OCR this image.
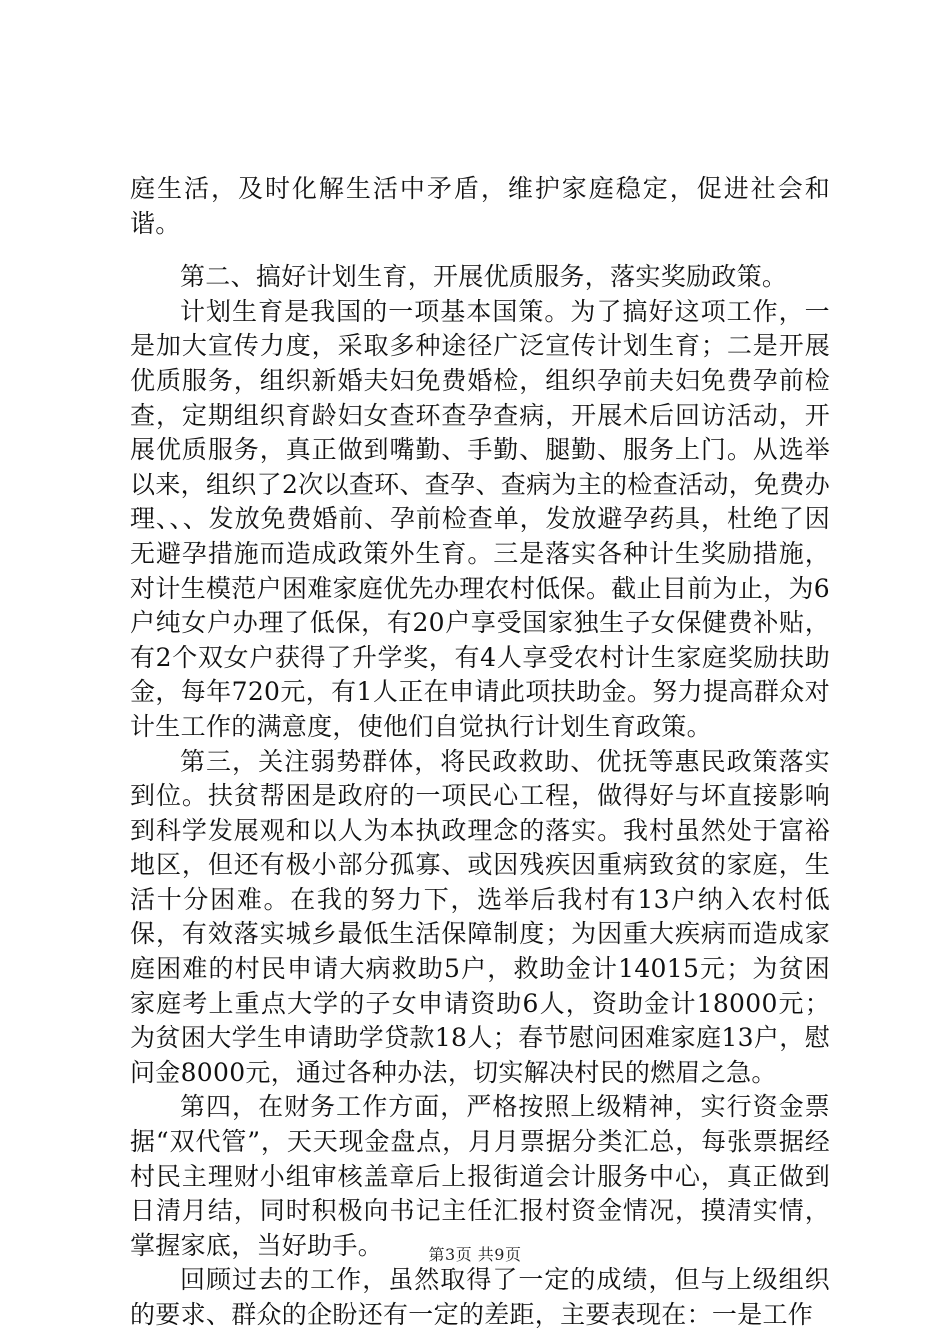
庭生活，及时化解生活中矛盾，维护家庭稳定，促进社会和谐。

第二、搞好计划生育，开展优质服务，落实奖励政策。

计划生育是我国的一项基本国策。为了搞好这项工作，一是加大宣传力度，采取多种途径广泛宣传计划生育；二是开展优质服务，组织新婚夫妇免费婚检，组织孕前夫妇免费孕前检查，定期组织育龄妇女查环查孕查病，开展术后回访活动，开展优质服务，真正做到嘴勤、手勤、腿勤、服务上门。从选举以来，组织了2次以查环、查孕、查病为主的检查活动，免费办理、、、发放免费婚前、孕前检查单，发放避孕药具，杜绝了因无避孕措施而造成政策外生育。三是落实各种计生奖励措施，对计生模范户困难家庭优先办理农村低保。截止目前为止，为6户纯女户办理了低保，有20户享受国家独生子女保健费补贴，有2个双女户获得了升学奖，有4人享受农村计生家庭奖励扶助金，每年720元，有1人正在申请此项扶助金。努力提高群众对计生工作的满意度，使他们自觉执行计划生育政策。

第三，关注弱势群体，将民政救助、优抚等惠民政策落实到位。扶贫帮困是政府的一项民心工程，做得好与坏直接影响到科学发展观和以人为本执政理念的落实。我村虽然处于富裕地区，但还有极小部分孤寡、或因残疾因重病致贫的家庭，生活十分困难。在我的努力下，选举后我村有13户纳入农村低保，有效落实城乡最低生活保障制度；为因重大疾病而造成家庭困难的村民申请大病救助5户，救助金计14015元；为贫困家庭考上重点大学的子女申请资助6人，资助金计18000元；为贫困大学生申请助学贷款18人；春节慰问困难家庭13户，慰问金8000元，通过各种办法，切实解决村民的燃眉之急。

第四，在财务工作方面，严格按照上级精神，实行资金票据“双代管”，天天现金盘点，月月票据分类汇总，每张票据经村民主理财小组审核盖章后上报街道会计服务中心，真正做到日清月结，同时积极向书记主任汇报村资金情况，摸清实情，掌握家底，当好助手。

回顾过去的工作，虽然取得了一定的成绩，但与上级组织的要求、群众的企盼还有一定的差距，主要表现在：一是工作

第3页 共9页
